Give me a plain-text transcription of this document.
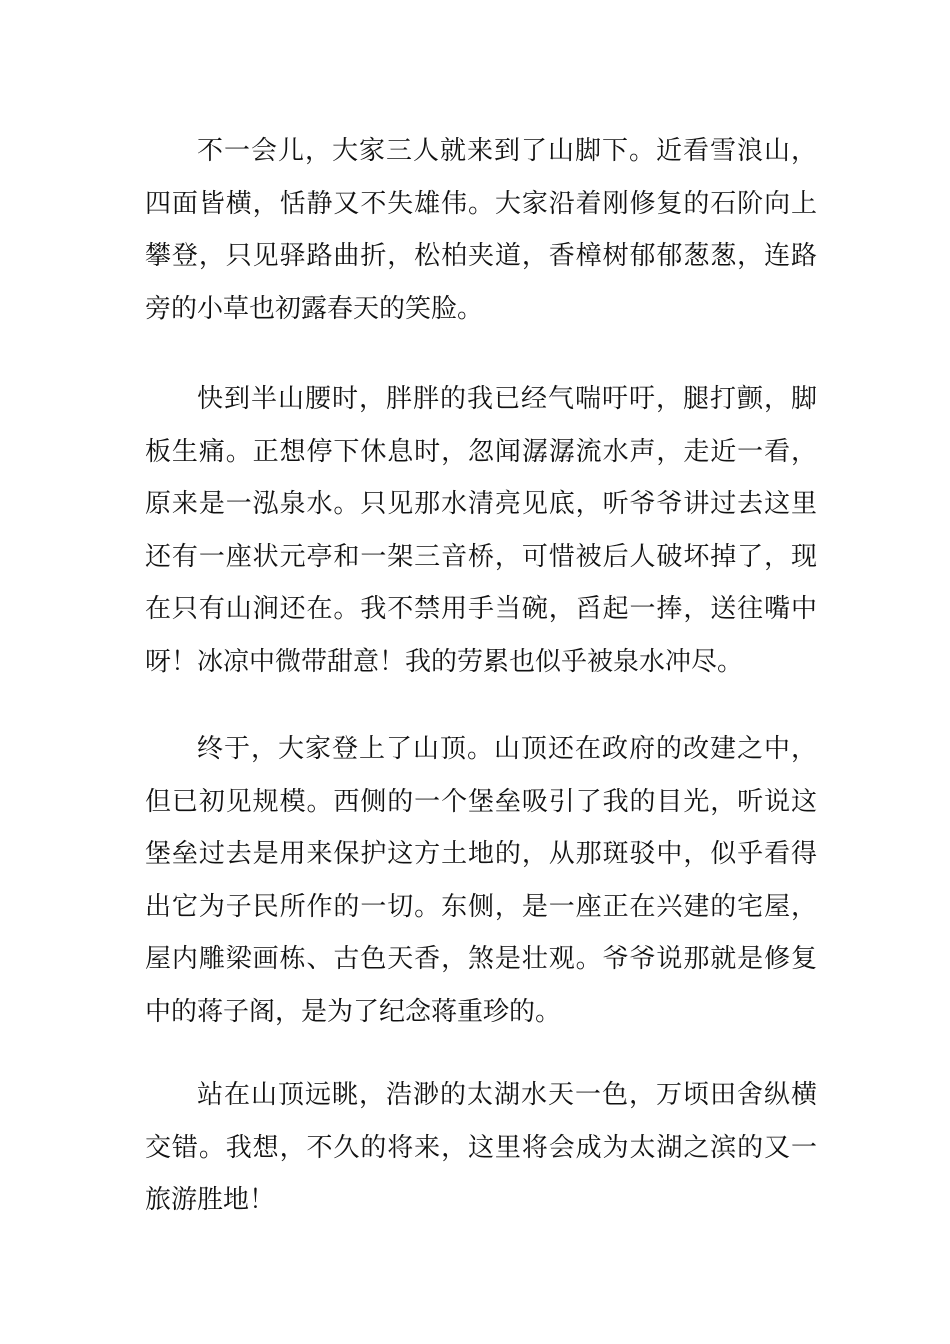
不一会儿，大家三人就来到了山脚下。近看雪浪山，四面皆横，恬静又不失雄伟。大家沿着刚修复的石阶向上攀登，只见驿路曲折，松柏夹道，香樟树郁郁葱葱，连路旁的小草也初露春天的笑脸。

快到半山腰时，胖胖的我已经气喘吁吁，腿打颤，脚板生痛。正想停下休息时，忽闻潺潺流水声，走近一看，原来是一泓泉水。只见那水清亮见底，听爷爷讲过去这里还有一座状元亭和一架三音桥，可惜被后人破坏掉了，现在只有山涧还在。我不禁用手当碗，舀起一捧，送往嘴中呀！冰凉中微带甜意！我的劳累也似乎被泉水冲尽。

终于，大家登上了山顶。山顶还在政府的改建之中，但已初见规模。西侧的一个堡垒吸引了我的目光，听说这堡垒过去是用来保护这方土地的，从那斑驳中，似乎看得出它为子民所作的一切。东侧，是一座正在兴建的宅屋，屋内雕梁画栋、古色天香，煞是壮观。爷爷说那就是修复中的蒋子阁，是为了纪念蒋重珍的。

站在山顶远眺，浩渺的太湖水天一色，万顷田舍纵横交错。我想，不久的将来，这里将会成为太湖之滨的又一旅游胜地！
